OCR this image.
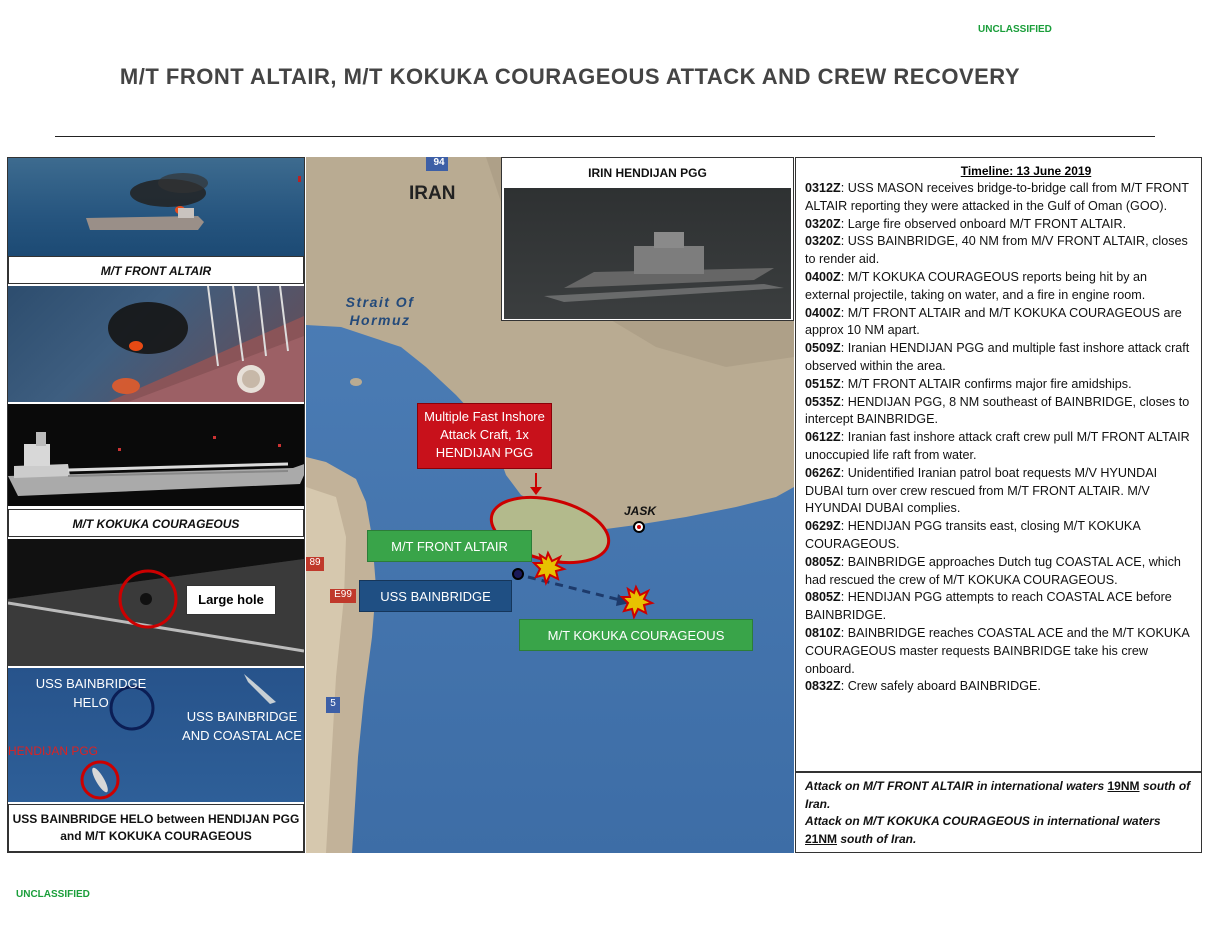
UNCLASSIFIED
UNCLASSIFIED
M/T FRONT ALTAIR, M/T KOKUKA COURAGEOUS ATTACK AND CREW RECOVERY
M/T FRONT ALTAIR
M/T KOKUKA COURAGEOUS
Large hole
USS BAINBRIDGE HELO
USS BAINBRIDGE AND COASTAL ACE
HENDIJAN PGG
USS BAINBRIDGE HELO between HENDIJAN PGG and M/T KOKUKA COURAGEOUS
94
89
E99
5
IRAN
Strait Of Hormuz
JASK
IRIN HENDIJAN PGG
Multiple Fast Inshore Attack Craft, 1x HENDIJAN PGG
M/T FRONT ALTAIR
USS BAINBRIDGE
M/T KOKUKA COURAGEOUS
Timeline: 13 June 2019
0312Z: USS MASON receives bridge-to-bridge call from M/T FRONT ALTAIR reporting they were attacked in the Gulf of Oman (GOO).
0320Z: Large fire observed onboard M/T FRONT ALTAIR.
0320Z: USS BAINBRIDGE, 40 NM from M/V FRONT ALTAIR, closes to render aid.
0400Z: M/T KOKUKA COURAGEOUS reports being hit by an external projectile, taking on water, and a fire in engine room.
0400Z: M/T FRONT ALTAIR and M/T KOKUKA COURAGEOUS are approx 10 NM apart.
0509Z: Iranian HENDIJAN PGG and multiple fast inshore attack craft observed within the area.
0515Z: M/T FRONT ALTAIR confirms major fire amidships.
0535Z: HENDIJAN PGG, 8 NM southeast of BAINBRIDGE, closes to intercept BAINBRIDGE.
0612Z: Iranian fast inshore attack craft crew pull M/T FRONT ALTAIR unoccupied life raft from water.
0626Z: Unidentified Iranian patrol boat requests M/V HYUNDAI DUBAI turn over crew rescued from M/T FRONT ALTAIR. M/V HYUNDAI DUBAI complies.
0629Z: HENDIJAN PGG transits east, closing M/T KOKUKA COURAGEOUS.
0805Z: BAINBRIDGE approaches Dutch tug COASTAL ACE, which had rescued the crew of M/T KOKUKA COURAGEOUS.
0805Z: HENDIJAN PGG attempts to reach COASTAL ACE before BAINBRIDGE.
0810Z: BAINBRIDGE reaches COASTAL ACE and the M/T KOKUKA COURAGEOUS master requests BAINBRIDGE take his crew onboard.
0832Z: Crew safely aboard BAINBRIDGE.
Attack on M/T FRONT ALTAIR in international waters 19NM south of Iran.
Attack on M/T KOKUKA COURAGEOUS in international waters 21NM south of Iran.
